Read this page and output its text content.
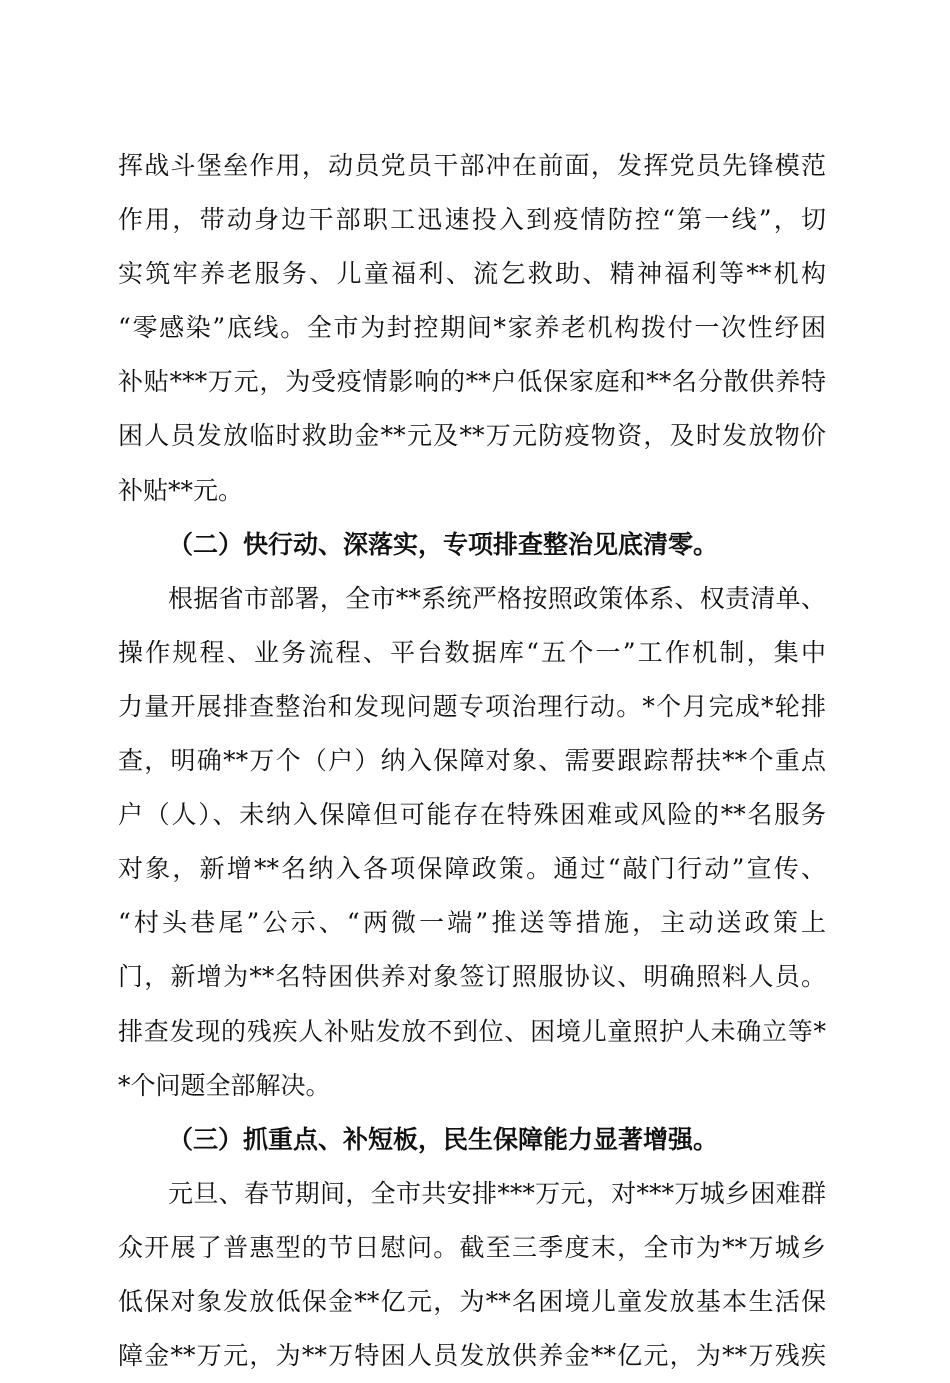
挥战斗堡垒作用，动员党员干部冲在前面，发挥党员先锋模范
作用，带动身边干部职工迅速投入到疫情防控“第一线”，切
实筑牢养老服务、儿童福利、流乞救助、精神福利等**机构
“零感染”底线。全市为封控期间*家养老机构拨付一次性纾困
补贴***万元，为受疫情影响的**户低保家庭和**名分散供养特
困人员发放临时救助金**元及**万元防疫物资，及时发放物价
补贴**元。
（二）快行动、深落实，专项排查整治见底清零。
根据省市部署，全市**系统严格按照政策体系、权责清单、
操作规程、业务流程、平台数据库“五个一”工作机制，集中
力量开展排查整治和发现问题专项治理行动。*个月完成*轮排
查，明确**万个（户）纳入保障对象、需要跟踪帮扶**个重点
户（人）、未纳入保障但可能存在特殊困难或风险的**名服务
对象，新增**名纳入各项保障政策。通过“敲门行动”宣传、
“村头巷尾”公示、“两微一端”推送等措施，主动送政策上
门，新增为**名特困供养对象签订照服协议、明确照料人员。
排查发现的残疾人补贴发放不到位、困境儿童照护人未确立等*
*个问题全部解决。
（三）抓重点、补短板，民生保障能力显著增强。
元旦、春节期间，全市共安排***万元，对***万城乡困难群
众开展了普惠型的节日慰问。截至三季度末，全市为**万城乡
低保对象发放低保金**亿元，为**名困境儿童发放基本生活保
障金**万元，为**万特困人员发放供养金**亿元，为**万残疾
